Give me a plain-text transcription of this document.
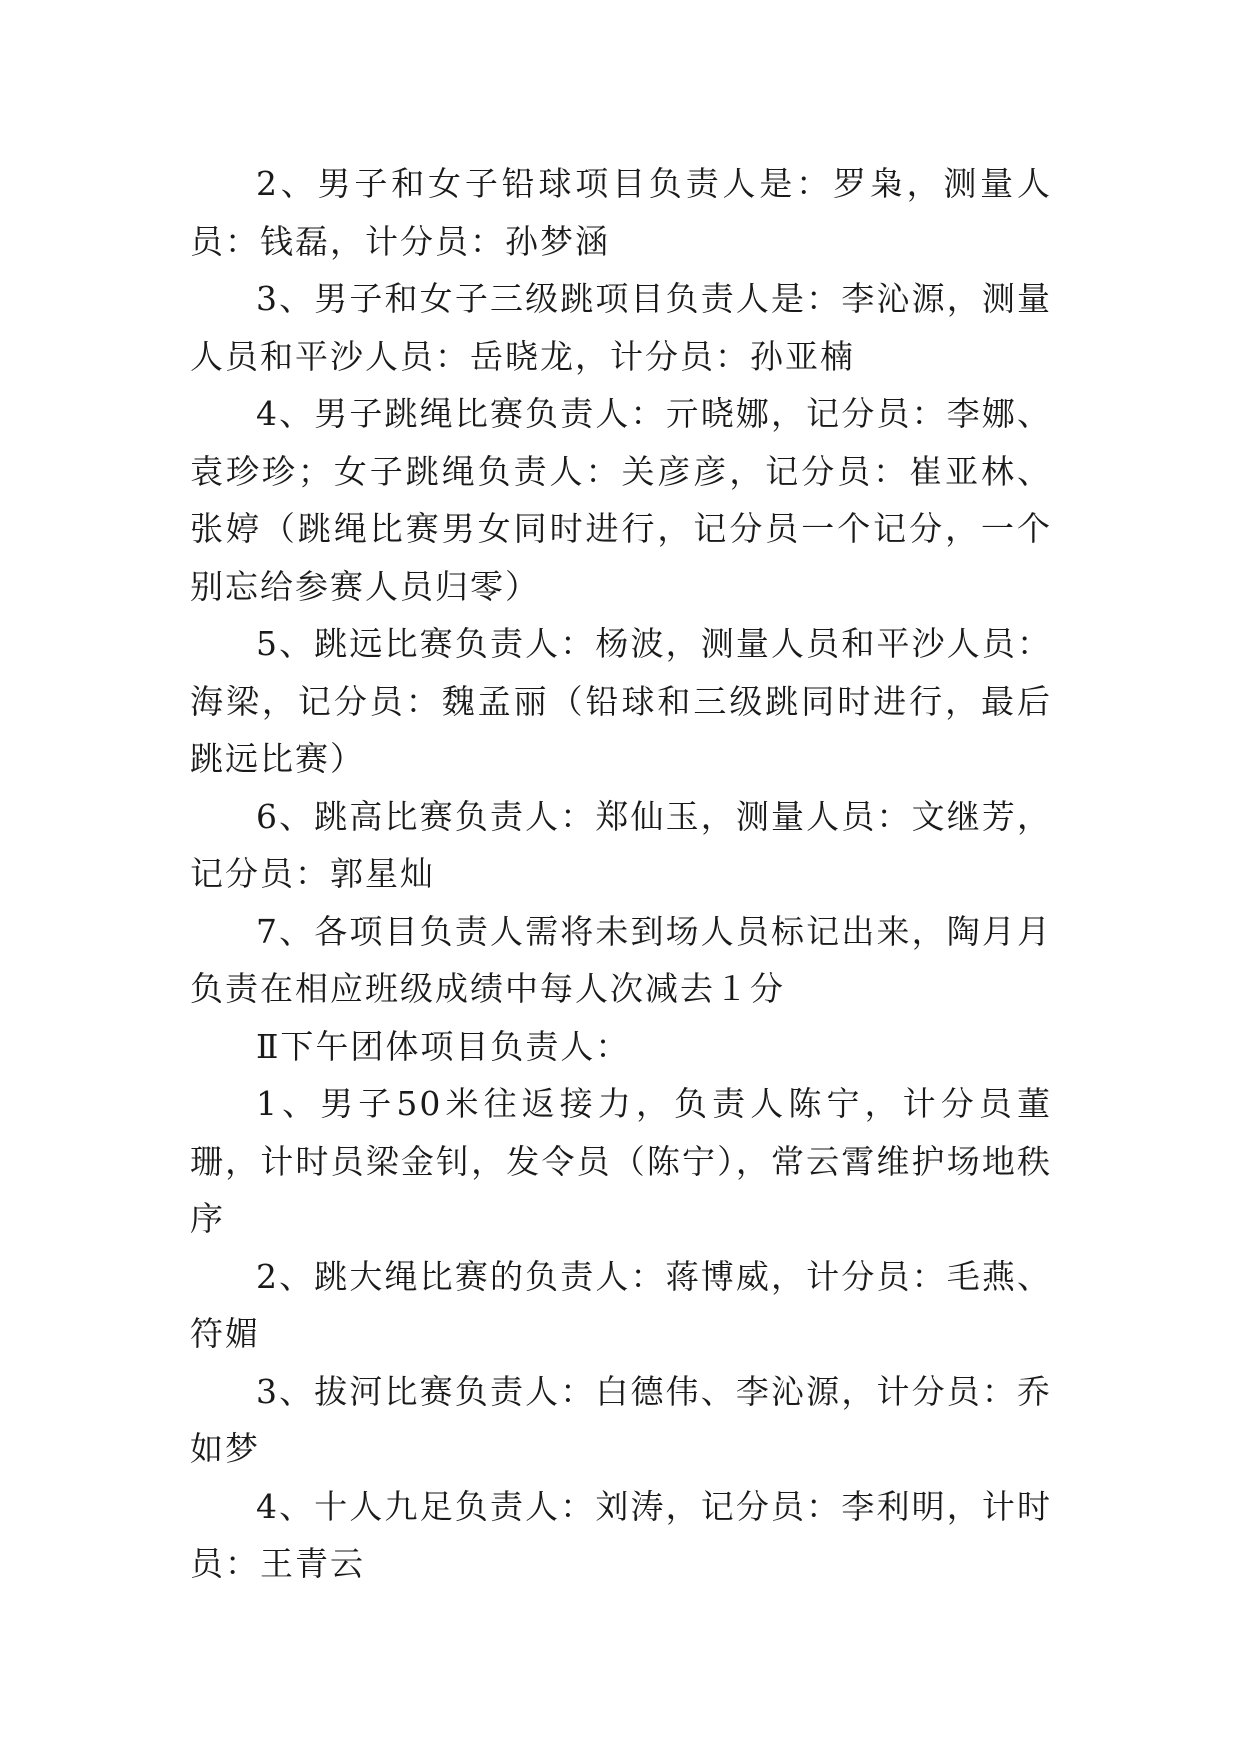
2、男子和女子铅球项目负责人是：罗枭，测量人员：钱磊，计分员：孙梦涵

3、男子和女子三级跳项目负责人是：李沁源，测量人员和平沙人员：岳晓龙，计分员：孙亚楠

4、男子跳绳比赛负责人：亓晓娜，记分员：李娜、袁珍珍；女子跳绳负责人：关彦彦，记分员：崔亚林、张婷（跳绳比赛男女同时进行，记分员一个记分，一个别忘给参赛人员归零）

5、跳远比赛负责人：杨波，测量人员和平沙人员：海梁，记分员：魏孟丽（铅球和三级跳同时进行，最后跳远比赛）

6、跳高比赛负责人：郑仙玉，测量人员：文继芳，记分员：郭星灿

7、各项目负责人需将未到场人员标记出来，陶月月负责在相应班级成绩中每人次减去１分

Ⅱ下午团体项目负责人：

1、男子50米往返接力，负责人陈宁，计分员董珊，计时员梁金钊，发令员（陈宁），常云霄维护场地秩序

2、跳大绳比赛的负责人：蒋博威，计分员：毛燕、符媚

3、拔河比赛负责人：白德伟、李沁源，计分员：乔如梦

4、十人九足负责人：刘涛，记分员：李利明，计时员：王青云
